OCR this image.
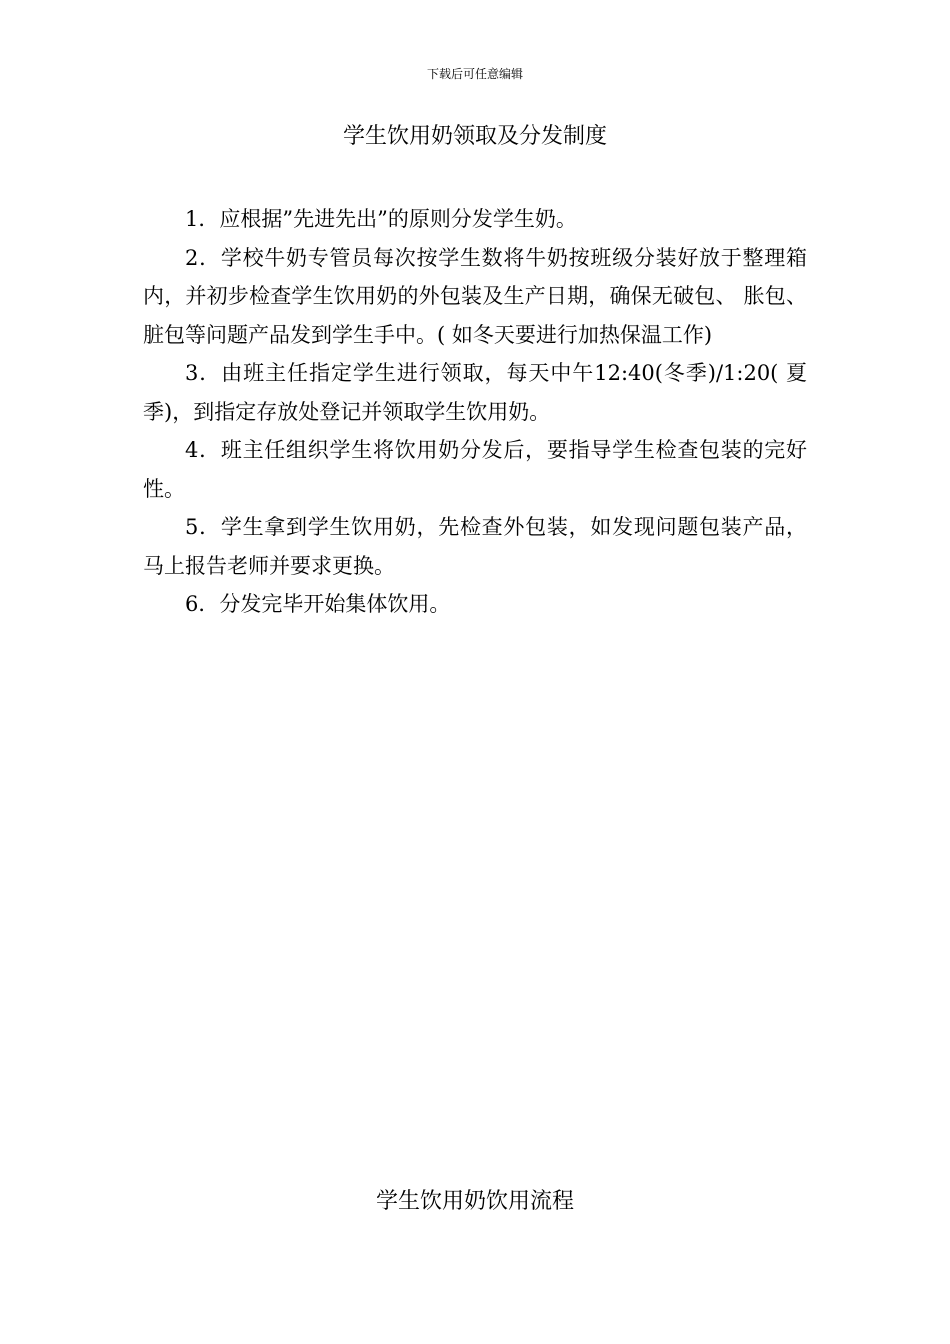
下载后可任意编辑
学生饮用奶领取及分发制度

1．应根据”先进先出”的原则分发学生奶。

2．学校牛奶专管员每次按学生数将牛奶按班级分装好放于整理箱内，并初步检查学生饮用奶的外包装及生产日期，确保无破包、 胀包、 脏包等问题产品发到学生手中。( 如冬天要进行加热保温工作)

3．由班主任指定学生进行领取，每天中午12:40(冬季)/1:20( 夏季)，到指定存放处登记并领取学生饮用奶。

4．班主任组织学生将饮用奶分发后，要指导学生检查包装的完好性。

5．学生拿到学生饮用奶，先检查外包装，如发现问题包装产品，马上报告老师并要求更换。

6．分发完毕开始集体饮用。

学生饮用奶饮用流程
